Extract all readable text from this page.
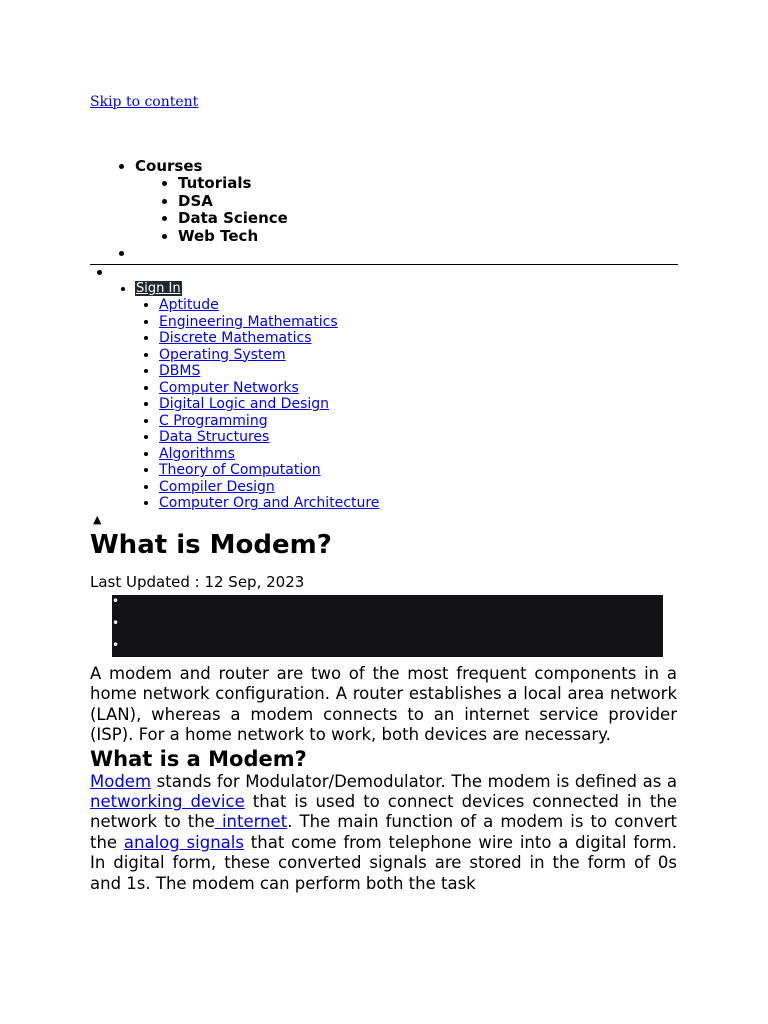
Skip to content
• Courses
• Tutorials
• DSA
• Data Science
• Web Tech
•
• Sign In
• Aptitude
• Engineering Mathematics
• Discrete Mathematics
• Operating System
• DBMS
• Computer Networks
• Digital Logic and Design
• C Programming
• Data Structures
• Algorithms
• Theory of Computation
• Compiler Design
• Computer Org and Architecture
▲
What is Modem?
Last Updated : 12 Sep, 2023
•
•
•

A modem and router are two of the most frequent components in a home network configuration. A router establishes a local area network (LAN), whereas a modem connects to an internet service provider (ISP). For a home network to work, both devices are necessary.

What is a Modem?

Modem stands for Modulator/Demodulator. The modem is defined as a networking device that is used to connect devices connected in the network to the internet. The main function of a modem is to convert the analog signals that come from telephone wire into a digital form. In digital form, these converted signals are stored in the form of 0s and 1s. The modem can perform both the task
